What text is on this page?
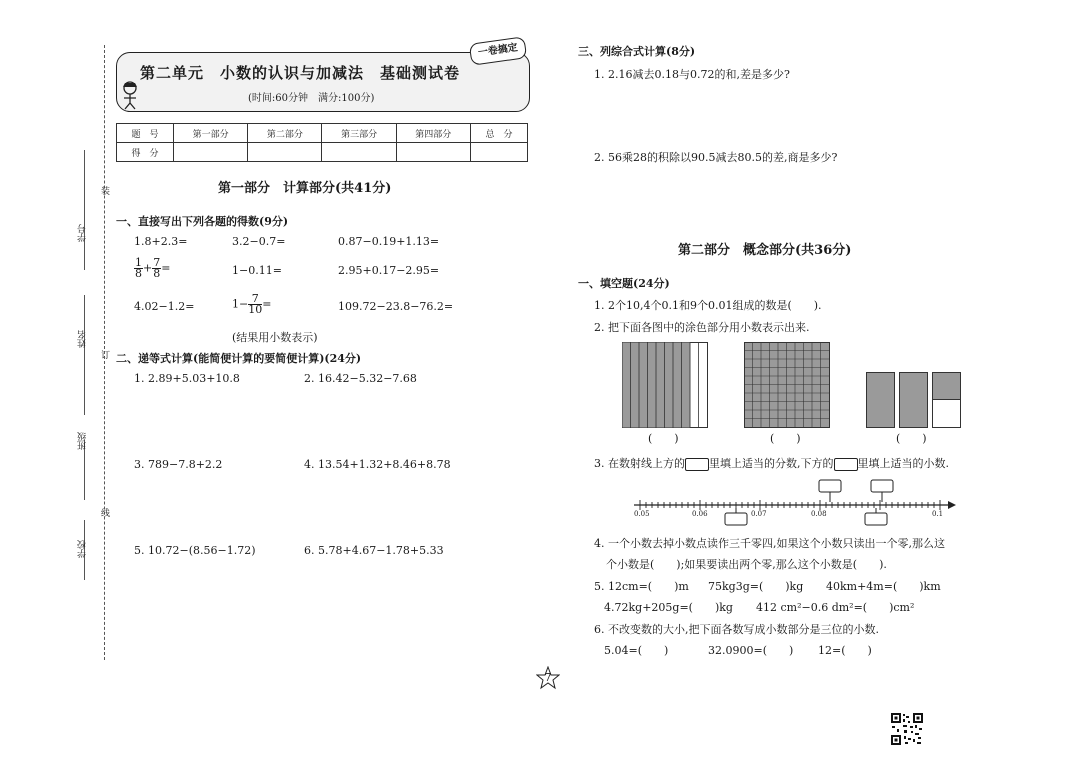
学号
姓名
班级
学校
装
订
线
一卷搞定
第二单元　小数的认识与加减法　基础测试卷
(时间:60分钟　满分:100分)
题　号	第一部分	第二部分	第三部分	第四部分	总　分
得　分					
第一部分　计算部分(共41分)
一、直接写出下列各题的得数(9分)
1.8+2.3=	3.2−0.7=	0.87−0.19+1.13=
$\frac{1}{8} + \frac{7}{8}$ =	1−0.11=	2.95+0.17−2.95=
4.02−1.2=	$1- \frac{7}{10}$ =	109.72−23.8−76.2=
(结果用小数表示)
二、递等式计算(能简便计算的要简便计算)(24分)
1. 2.89+5.03+10.8	2. 16.42−5.32−7.68
3. 789−7.8+2.2	4. 13.54+1.32+8.46+8.78
5. 10.72−(8.56−1.72)	6. 5.78+4.67−1.78+5.33
三、列综合式计算(8分)
1. 2.16减去0.18与0.72的和,差是多少?
2. 56乘28的积除以90.5减去80.5的差,商是多少?
第二部分　概念部分(共36分)
一、填空题(24分)
1. 2个10,4个0.1和9个0.01组成的数是(　　).
2. 把下面各图中的涂色部分用小数表示出来.
(　　)	(　　)	(　　)
3. 在数射线上方的 里填上适当的分数,下方的 里填上适当的小数.
0.05	0.06	0.07	0.08	0.1
4. 一个小数去掉小数点读作三千零四,如果这个小数只读出一个零,那么这
个小数是(　　);如果要读出两个零,那么这个小数是(　　).
5. 12cm=(　　)m 75kg3g=(　　)kg 40km+4m=(　　)km
4.72kg+205g=(　　)kg 412 cm²−0.6 dm²=(　　)cm²
6. 不改变数的大小,把下面各数写成小数部分是三位的小数.
5.04=(　　)	32.0900=(　　) 12=(　　)
7
